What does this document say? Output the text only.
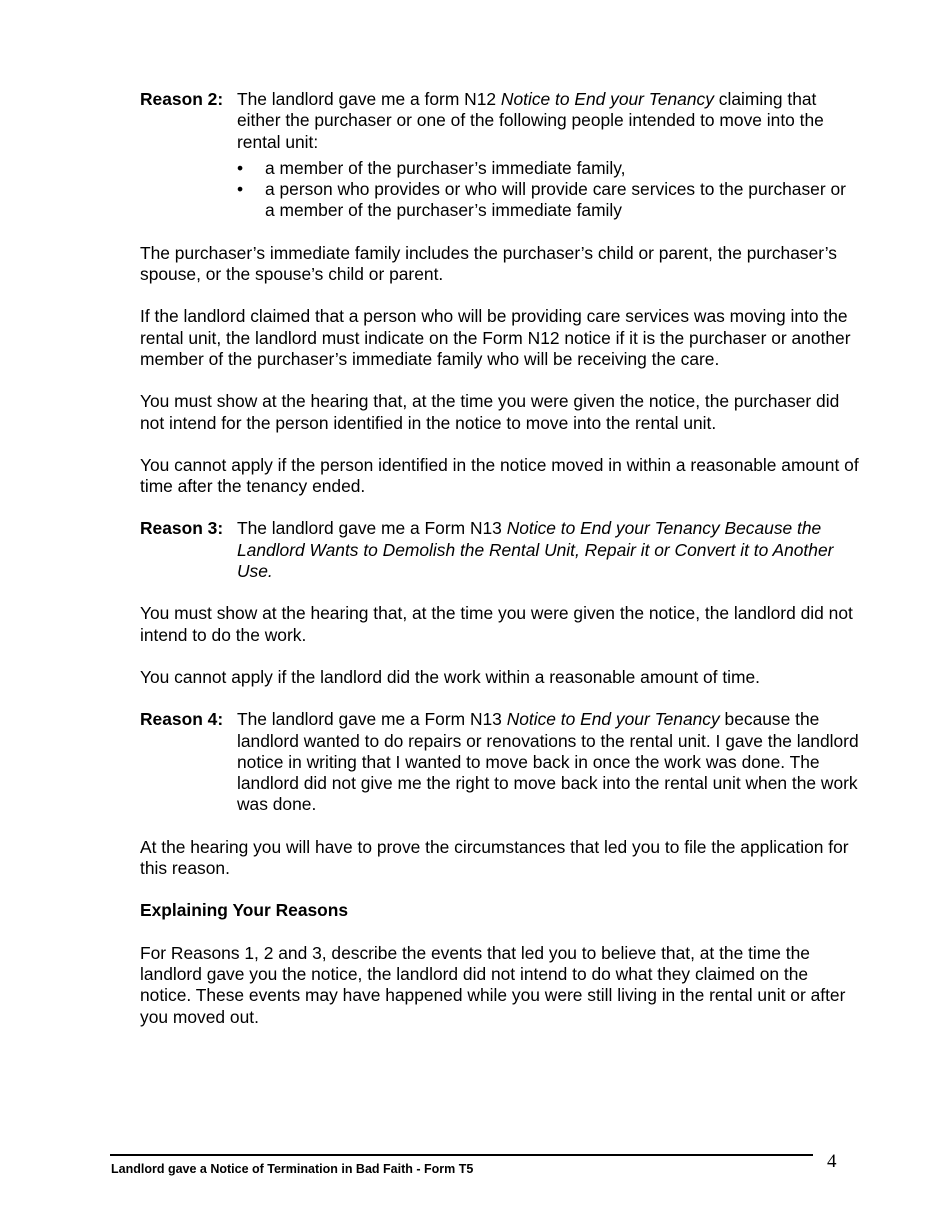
Reason 2: The landlord gave me a form N12 Notice to End your Tenancy claiming that either the purchaser or one of the following people intended to move into the rental unit:
• a member of the purchaser’s immediate family,
• a person who provides or who will provide care services to the purchaser or a member of the purchaser’s immediate family

The purchaser’s immediate family includes the purchaser’s child or parent, the purchaser’s spouse, or the spouse’s child or parent.

If the landlord claimed that a person who will be providing care services was moving into the rental unit, the landlord must indicate on the Form N12 notice if it is the purchaser or another member of the purchaser’s immediate family who will be receiving the care.

You must show at the hearing that, at the time you were given the notice, the purchaser did not intend for the person identified in the notice to move into the rental unit.

You cannot apply if the person identified in the notice moved in within a reasonable amount of time after the tenancy ended.

Reason 3: The landlord gave me a Form N13 Notice to End your Tenancy Because the Landlord Wants to Demolish the Rental Unit, Repair it or Convert it to Another Use.

You must show at the hearing that, at the time you were given the notice, the landlord did not intend to do the work.

You cannot apply if the landlord did the work within a reasonable amount of time.

Reason 4: The landlord gave me a Form N13 Notice to End your Tenancy because the landlord wanted to do repairs or renovations to the rental unit. I gave the landlord notice in writing that I wanted to move back in once the work was done. The landlord did not give me the right to move back into the rental unit when the work was done.

At the hearing you will have to prove the circumstances that led you to file the application for this reason.

Explaining Your Reasons

For Reasons 1, 2 and 3, describe the events that led you to believe that, at the time the landlord gave you the notice, the landlord did not intend to do what they claimed on the notice. These events may have happened while you were still living in the rental unit or after you moved out.

Landlord gave a Notice of Termination in Bad Faith - Form T5	4
